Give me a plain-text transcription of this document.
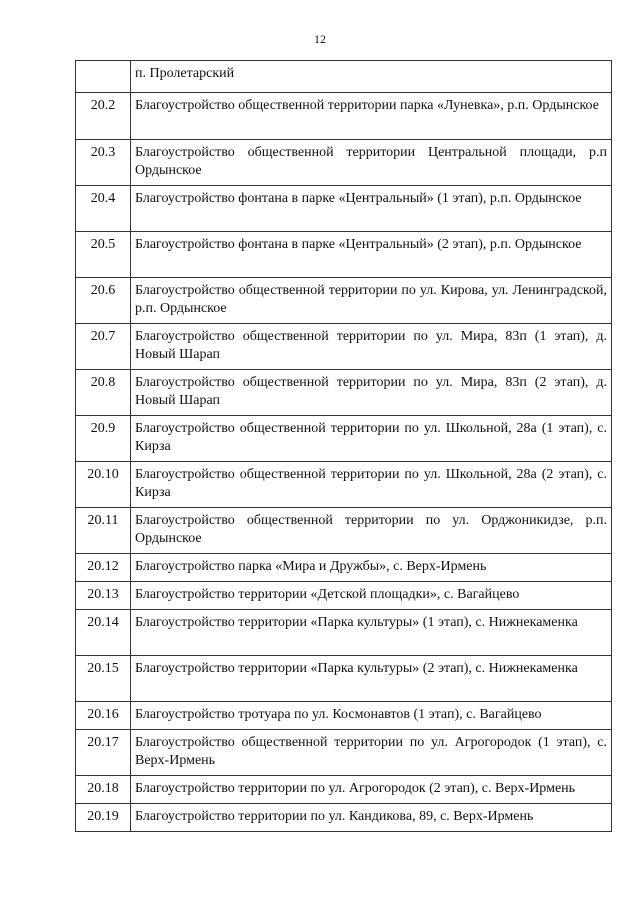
12
	п. Пролетарский
20.2	Благоустройство общественной территории парка «Луневка», р.п. Ордынское
20.3	Благоустройство общественной территории Центральной площади, р.п Ордынское
20.4	Благоустройство фонтана в парке «Центральный» (1 этап), р.п. Ордынское
20.5	Благоустройство фонтана в парке «Центральный» (2 этап), р.п. Ордынское
20.6	Благоустройство общественной территории по ул. Кирова, ул. Ленинградской, р.п. Ордынское
20.7	Благоустройство общественной территории по ул. Мира, 83п (1 этап), д. Новый Шарап
20.8	Благоустройство общественной территории по ул. Мира, 83п (2 этап), д. Новый Шарап
20.9	Благоустройство общественной территории по ул. Школьной, 28а (1 этап), с. Кирза
20.10	Благоустройство общественной территории по ул. Школьной, 28а (2 этап), с. Кирза
20.11	Благоустройство общественной территории по ул. Орджоникидзе, р.п. Ордынское
20.12	Благоустройство парка «Мира и Дружбы», с. Верх-Ирмень
20.13	Благоустройство территории «Детской площадки», с. Вагайцево
20.14	Благоустройство территории «Парка культуры» (1 этап), с. Нижнекаменка
20.15	Благоустройство территории «Парка культуры» (2 этап), с. Нижнекаменка
20.16	Благоустройство тротуара по ул. Космонавтов (1 этап), с. Вагайцево
20.17	Благоустройство общественной территории по ул. Агрогородок (1 этап), с. Верх-Ирмень
20.18	Благоустройство территории по ул. Агрогородок (2 этап), с. Верх-Ирмень
20.19	Благоустройство территории по ул. Кандикова, 89, с. Верх-Ирмень
